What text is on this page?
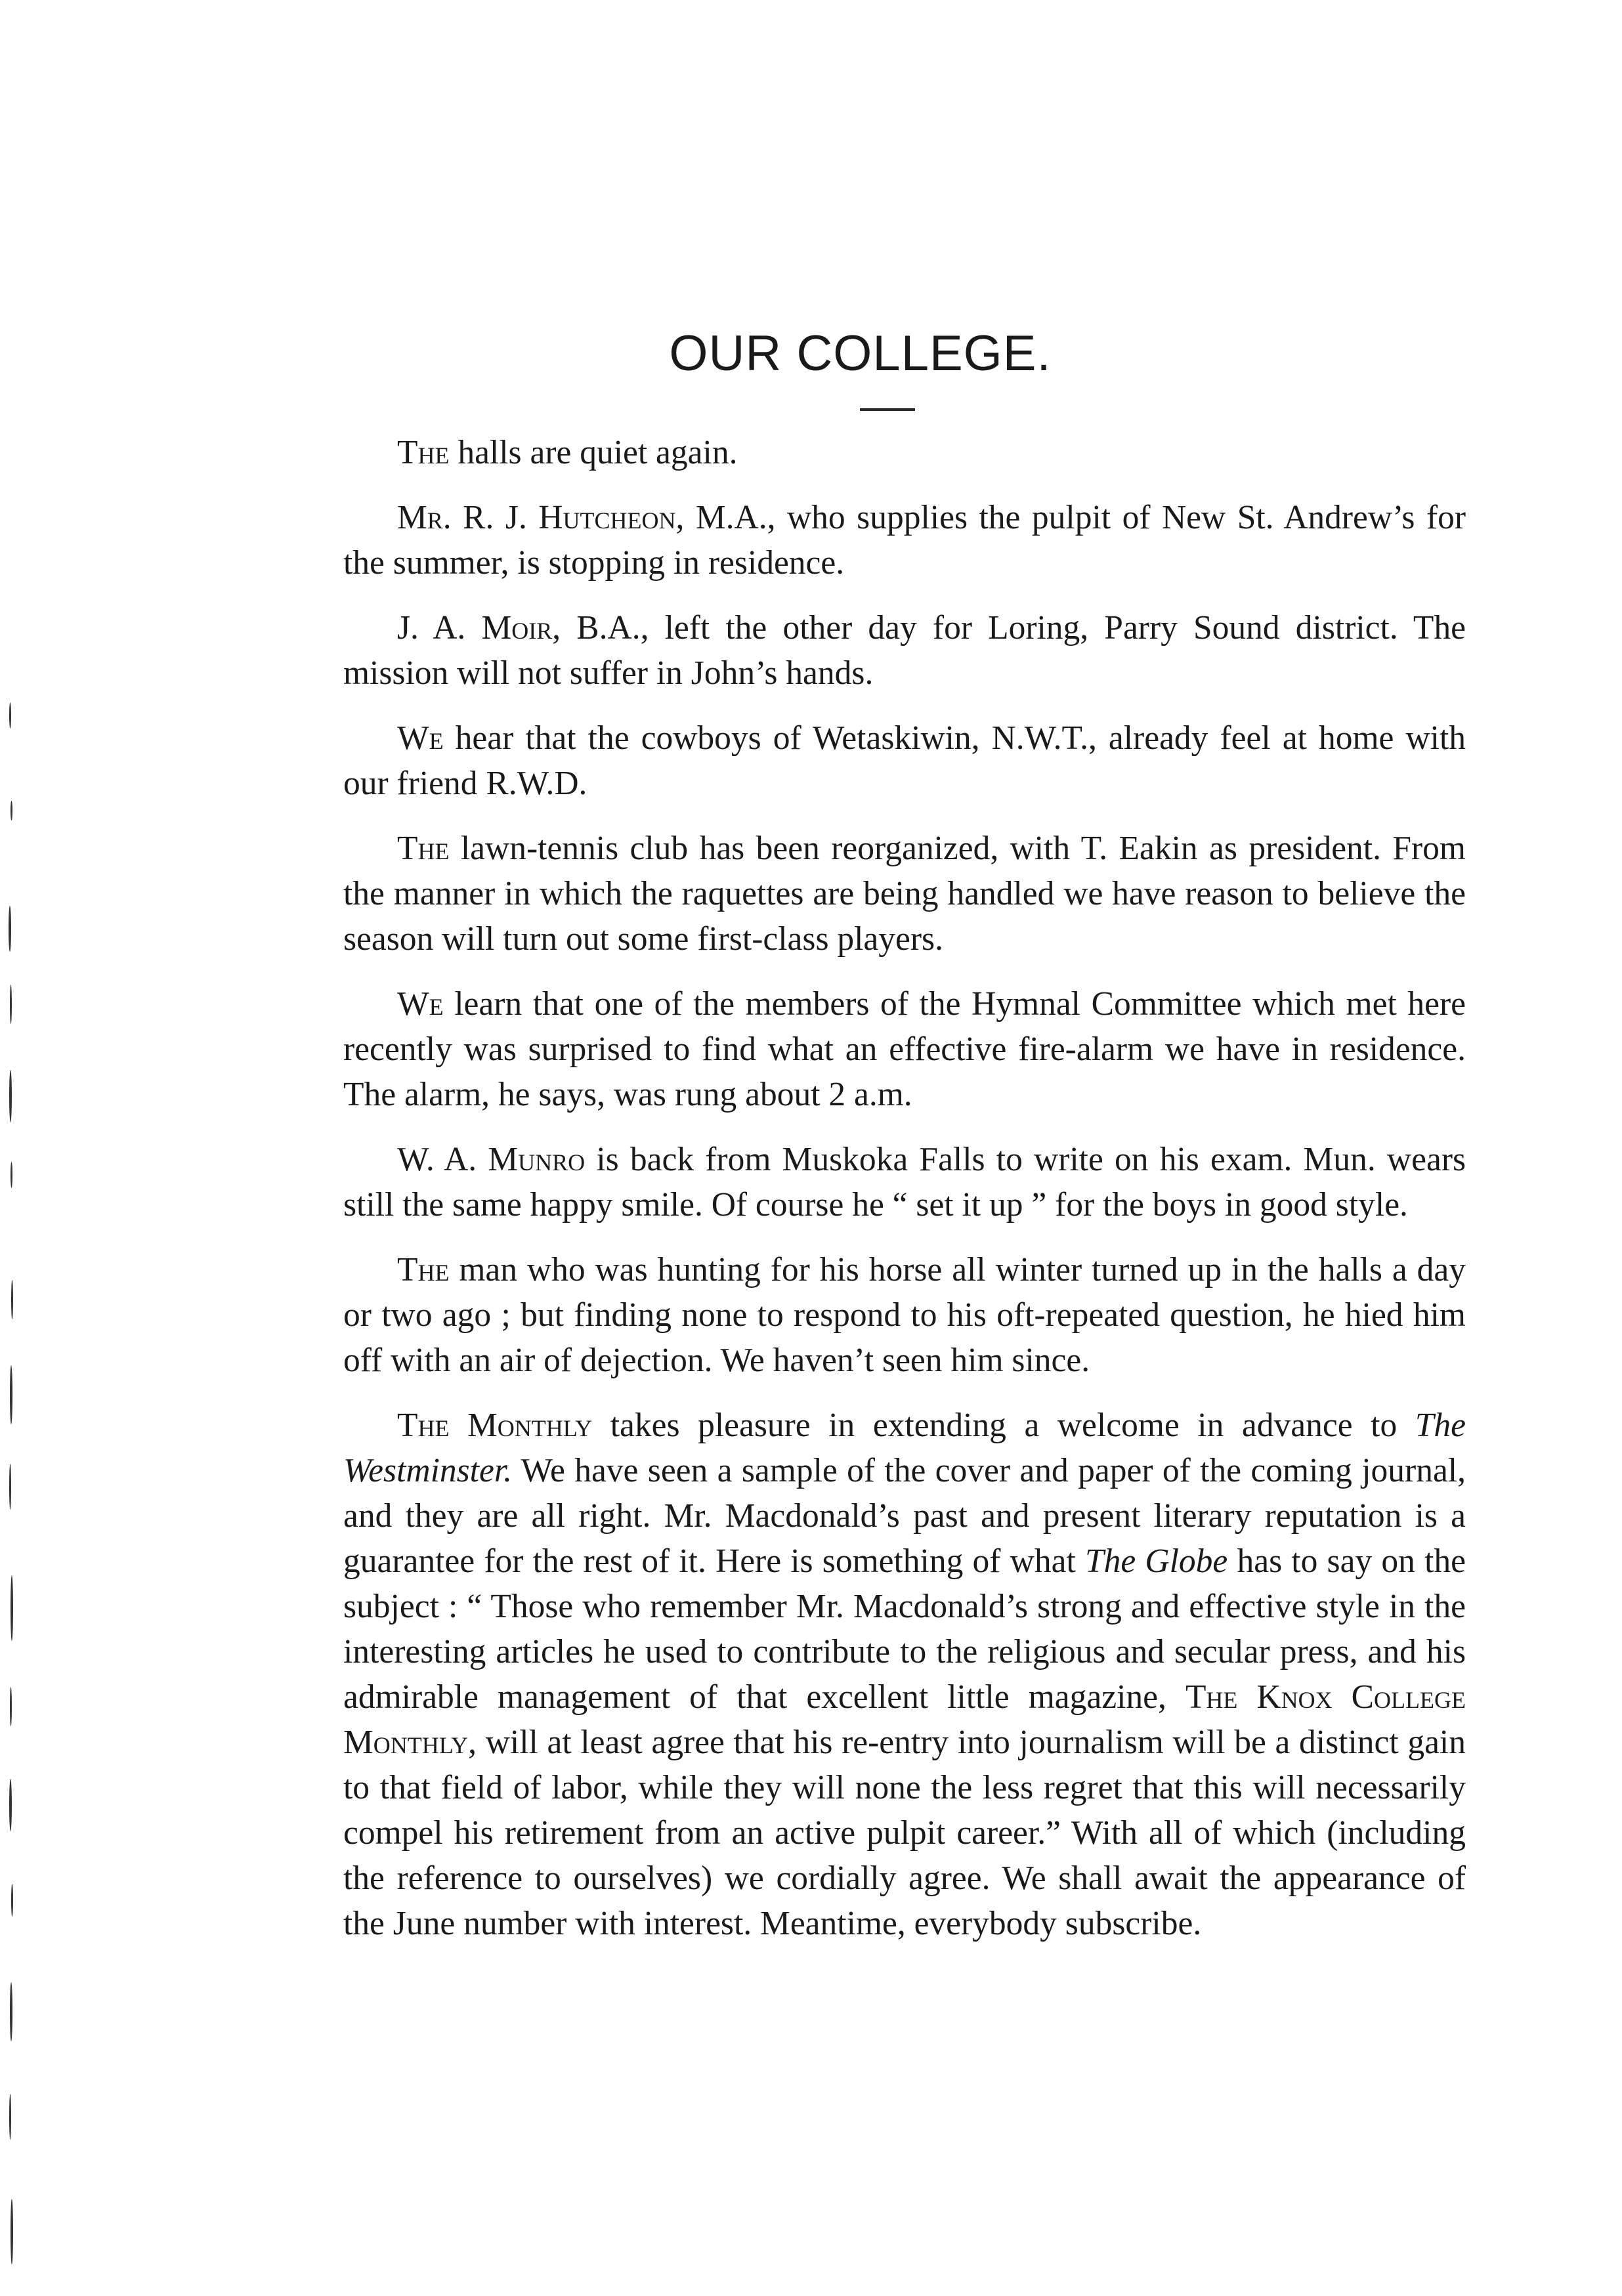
OUR COLLEGE.

The halls are quiet again.

Mr. R. J. Hutcheon, M.A., who supplies the pulpit of New St. Andrew’s for the summer, is stopping in residence.

J. A. Moir, B.A., left the other day for Loring, Parry Sound district. The mission will not suffer in John’s hands.

We hear that the cowboys of Wetaskiwin, N.W.T., already feel at home with our friend R.W.D.

The lawn-tennis club has been reorganized, with T. Eakin as president. From the manner in which the raquettes are being handled we have reason to believe the season will turn out some first-class players.

We learn that one of the members of the Hymnal Committee which met here recently was surprised to find what an effective fire-alarm we have in residence. The alarm, he says, was rung about 2 a.m.

W. A. Munro is back from Muskoka Falls to write on his exam. Mun. wears still the same happy smile. Of course he “ set it up ” for the boys in good style.

The man who was hunting for his horse all winter turned up in the halls a day or two ago ; but finding none to respond to his oft-repeated question, he hied him off with an air of dejection. We haven’t seen him since.

The Monthly takes pleasure in extending a welcome in advance to The Westminster. We have seen a sample of the cover and paper of the coming journal, and they are all right. Mr. Macdonald’s past and present literary reputation is a guarantee for the rest of it. Here is something of what The Globe has to say on the subject : “ Those who remember Mr. Macdonald’s strong and effective style in the interesting articles he used to contribute to the religious and secular press, and his admirable management of that excellent little magazine, The Knox College Monthly, will at least agree that his re-entry into journalism will be a distinct gain to that field of labor, while they will none the less regret that this will necessarily compel his retirement from an active pulpit career.” With all of which (including the reference to ourselves) we cordially agree. We shall await the appearance of the June number with interest. Meantime, everybody subscribe.
